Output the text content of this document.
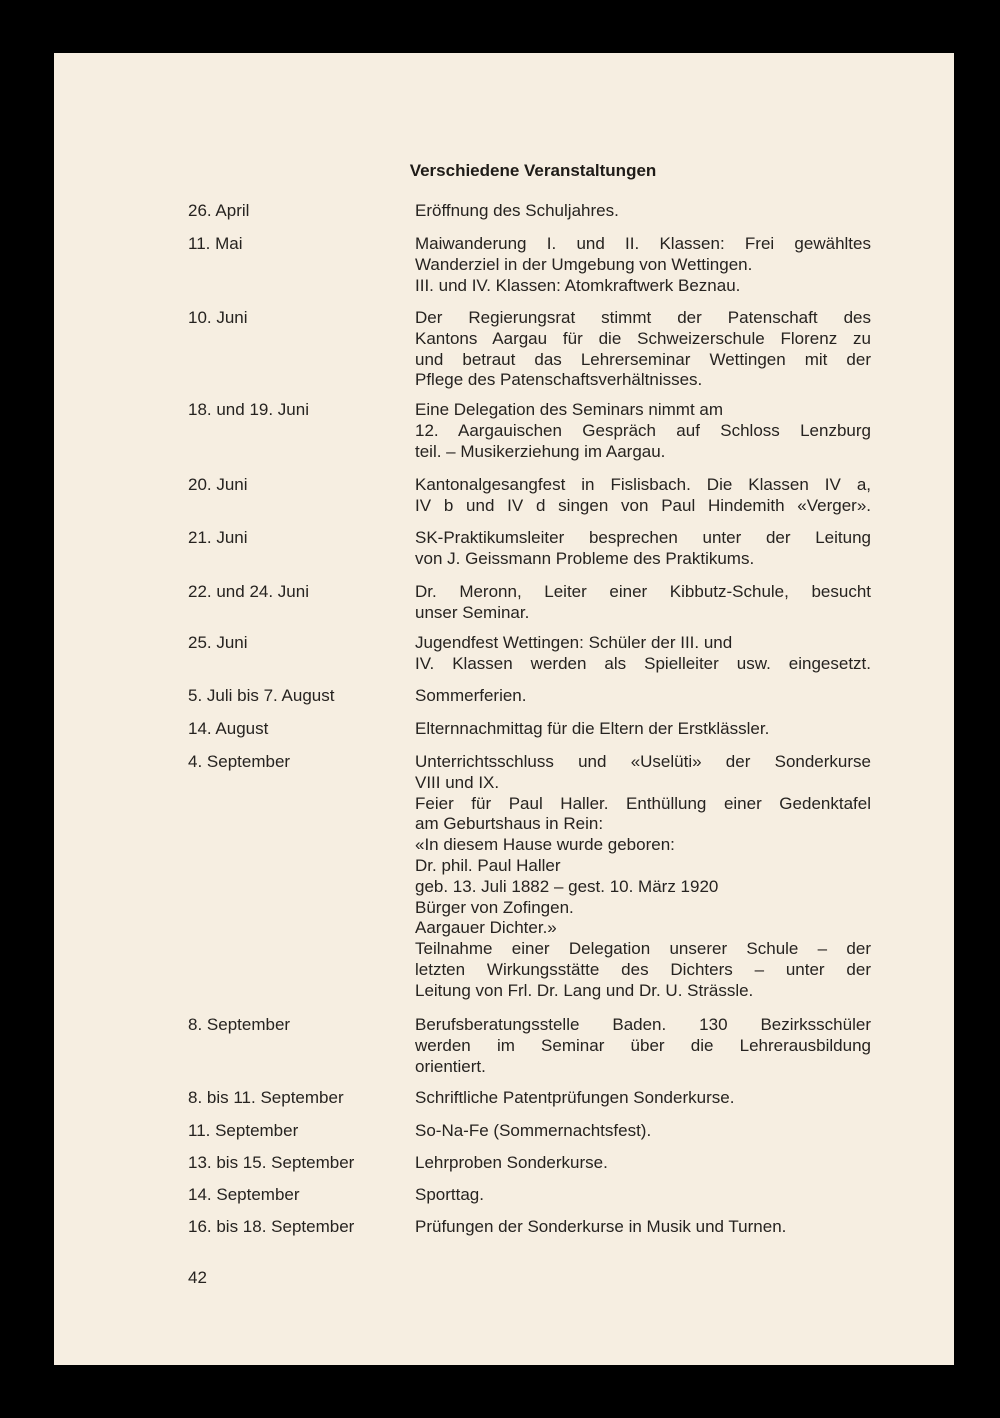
Verschiedene Veranstaltungen
26. April	Eröffnung des Schuljahres.
11. Mai	Maiwanderung I. und II. Klassen: Frei gewähltes
Wanderziel in der Umgebung von Wettingen.
III. und IV. Klassen: Atomkraftwerk Beznau.
10. Juni	Der Regierungsrat stimmt der Patenschaft des
Kantons Aargau für die Schweizerschule Florenz zu
und betraut das Lehrerseminar Wettingen mit der
Pflege des Patenschaftsverhältnisses.
18. und 19. Juni	Eine Delegation des Seminars nimmt am
12. Aargauischen Gespräch auf Schloss Lenzburg
teil. – Musikerziehung im Aargau.
20. Juni	Kantonalgesangfest in Fislisbach. Die Klassen IV a,
IV b und IV d singen von Paul Hindemith «Verger».
21. Juni	SK-Praktikumsleiter besprechen unter der Leitung
von J. Geissmann Probleme des Praktikums.
22. und 24. Juni	Dr. Meronn, Leiter einer Kibbutz-Schule, besucht
unser Seminar.
25. Juni	Jugendfest Wettingen: Schüler der III. und
IV. Klassen werden als Spielleiter usw. eingesetzt.
5. Juli bis 7. August	Sommerferien.
14. August	Elternnachmittag für die Eltern der Erstklässler.
4. September	Unterrichtsschluss und «Uselüti» der Sonderkurse
VIII und IX.
Feier für Paul Haller. Enthüllung einer Gedenktafel
am Geburtshaus in Rein:
«In diesem Hause wurde geboren:
Dr. phil. Paul Haller
geb. 13. Juli 1882 – gest. 10. März 1920
Bürger von Zofingen.
Aargauer Dichter.»
Teilnahme einer Delegation unserer Schule – der
letzten Wirkungsstätte des Dichters – unter der
Leitung von Frl. Dr. Lang und Dr. U. Strässle.
8. September	Berufsberatungsstelle Baden. 130 Bezirksschüler
werden im Seminar über die Lehrerausbildung
orientiert.
8. bis 11. September	Schriftliche Patentprüfungen Sonderkurse.
11. September	So-Na-Fe (Sommernachtsfest).
13. bis 15. September	Lehrproben Sonderkurse.
14. September	Sporttag.
16. bis 18. September	Prüfungen der Sonderkurse in Musik und Turnen.
42
